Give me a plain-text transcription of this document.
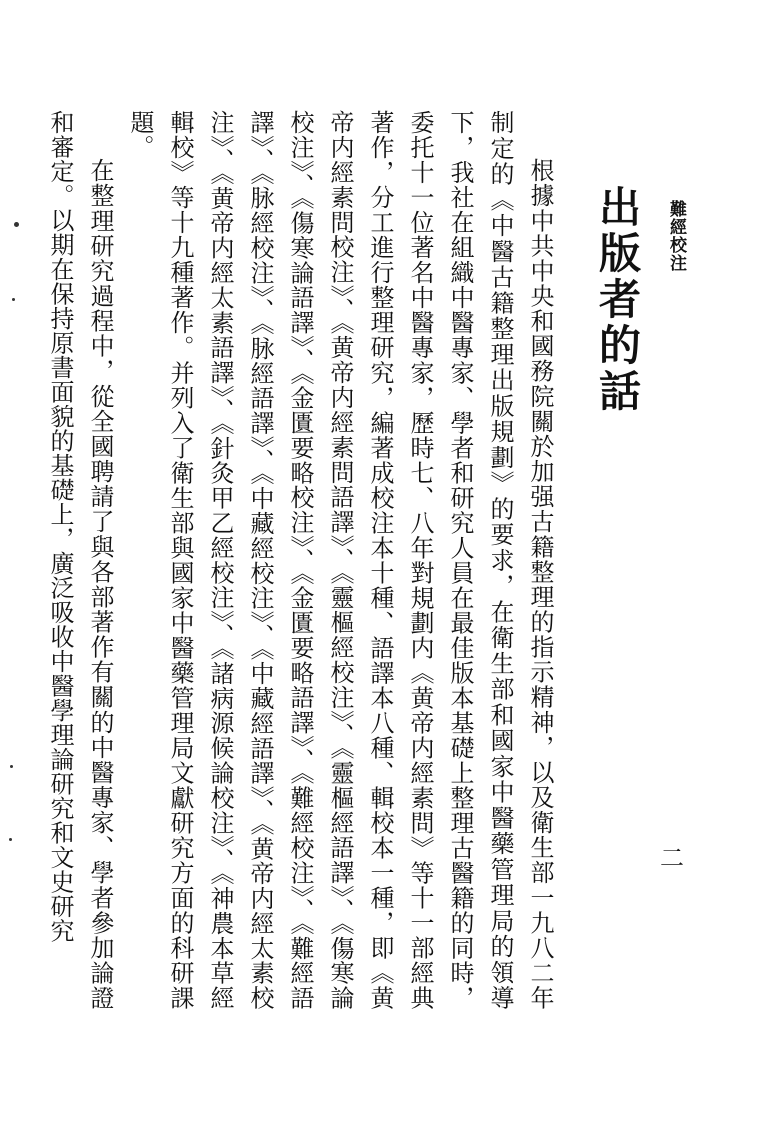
難經校注
二
出版者的話

根據中共中央和國務院關於加强古籍整理的指示精神，以及衛生部一九八二年制定的《中醫古籍整理出版規劃》的要求，在衛生部和國家中醫藥管理局的領導下，我社在組織中醫專家、學者和研究人員在最佳版本基礎上整理古醫籍的同時，委托十一位著名中醫專家，歷時七、八年對規劃内《黄帝内經素問》等十一部經典著作，分工進行整理研究，編著成校注本十種、語譯本八種、輯校本一種，即《黄帝内經素問校注》、《黄帝内經素問語譯》、《靈樞經校注》、《靈樞經語譯》、《傷寒論校注》、《傷寒論語譯》、《金匱要略校注》、《金匱要略語譯》、《難經校注》、《難經語譯》、《脉經校注》、《脉經語譯》、《中藏經校注》、《中藏經語譯》、《黄帝内經太素校注》、《黄帝内經太素語譯》、《針灸甲乙經校注》、《諸病源候論校注》、《神農本草經輯校》等十九種著作。并列入了衛生部與國家中醫藥管理局文獻研究方面的科研課題。

在整理研究過程中，從全國聘請了與各部著作有關的中醫專家、學者參加論證和審定。以期在保持原書面貌的基礎上，廣泛吸收中醫學理論研究和文史研究
